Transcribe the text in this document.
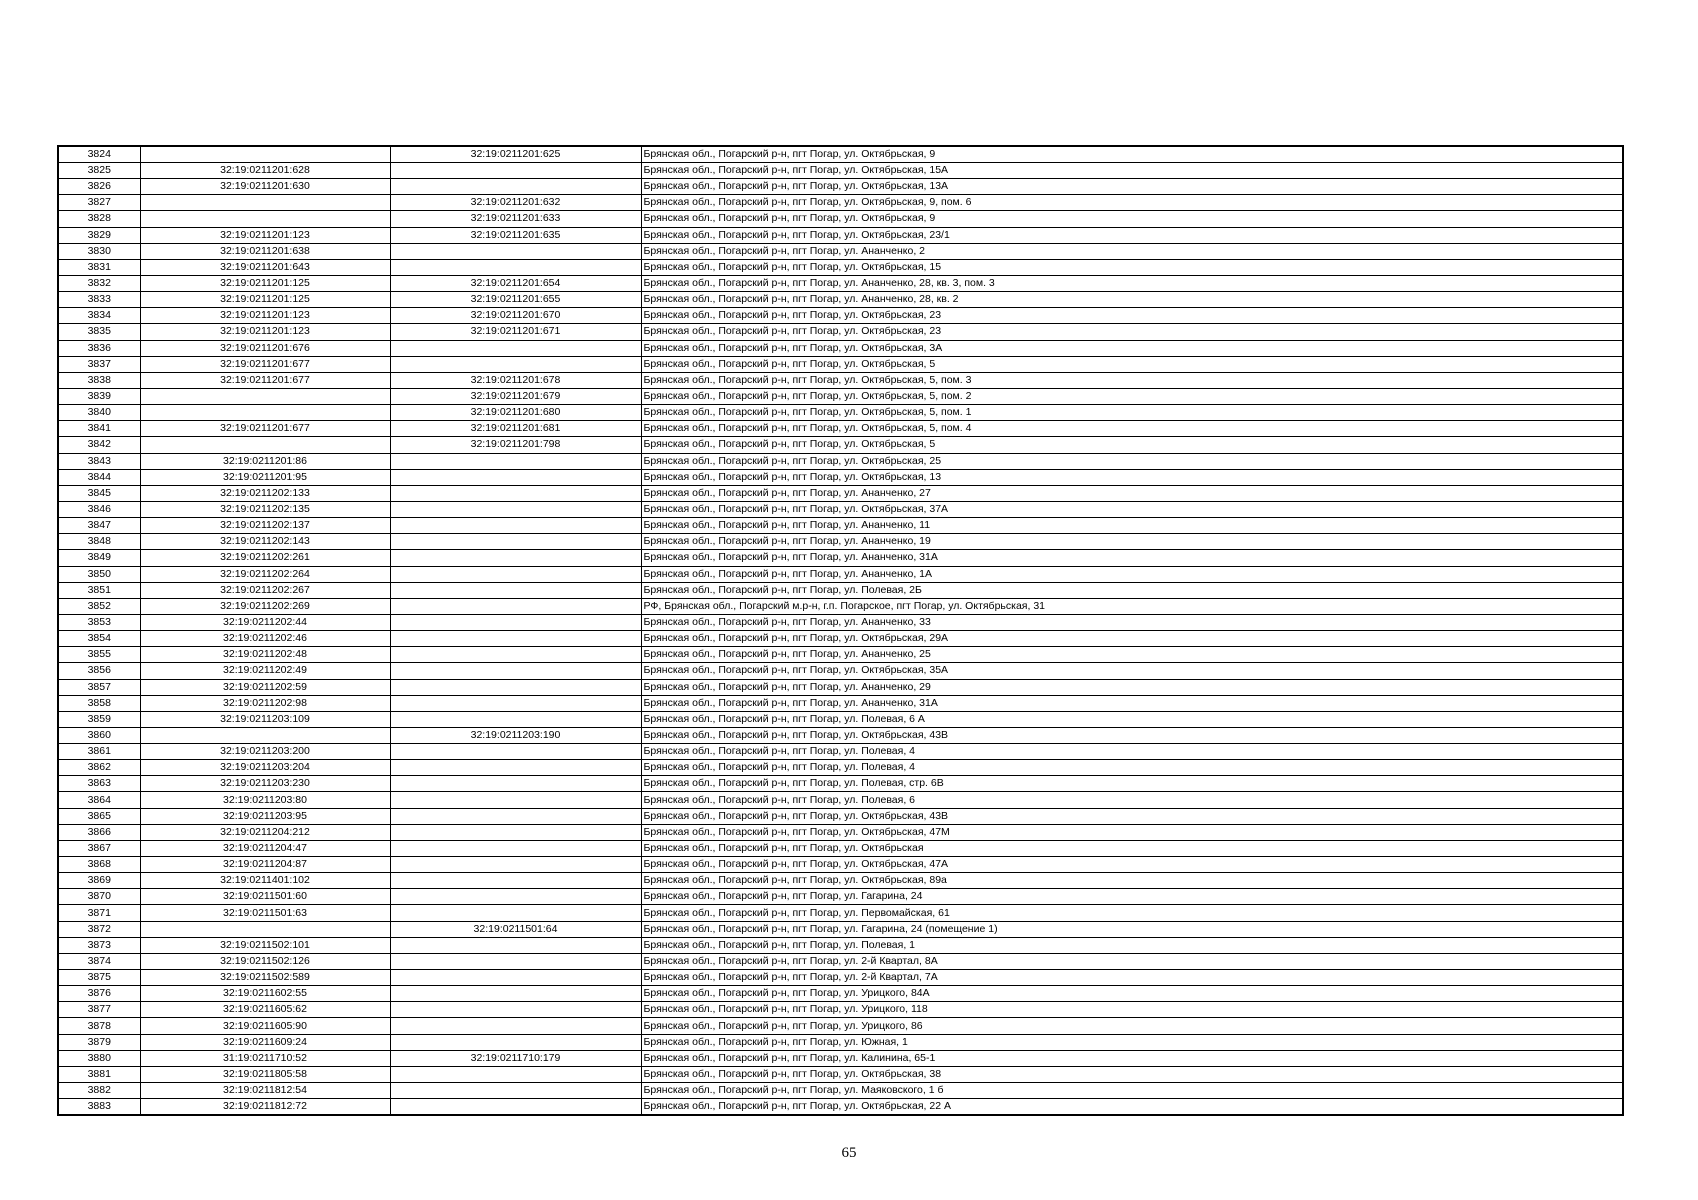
3824		32:19:0211201:625	Брянская обл., Погарский р-н, пгт Погар, ул. Октябрьская, 9
3825	32:19:0211201:628		Брянская обл., Погарский р-н, пгт Погар, ул. Октябрьская, 15А
3826	32:19:0211201:630		Брянская обл., Погарский р-н, пгт Погар, ул. Октябрьская, 13А
3827		32:19:0211201:632	Брянская обл., Погарский р-н, пгт Погар, ул. Октябрьская, 9, пом. 6
3828		32:19:0211201:633	Брянская обл., Погарский р-н, пгт Погар, ул. Октябрьская, 9
3829	32:19:0211201:123	32:19:0211201:635	Брянская обл., Погарский р-н, пгт Погар, ул. Октябрьская, 23/1
3830	32:19:0211201:638		Брянская обл., Погарский р-н, пгт Погар, ул. Ананченко, 2
3831	32:19:0211201:643		Брянская обл., Погарский р-н, пгт Погар, ул. Октябрьская, 15
3832	32:19:0211201:125	32:19:0211201:654	Брянская обл., Погарский р-н, пгт Погар, ул. Ананченко, 28, кв. 3, пом. 3
3833	32:19:0211201:125	32:19:0211201:655	Брянская обл., Погарский р-н, пгт Погар, ул. Ананченко, 28, кв. 2
3834	32:19:0211201:123	32:19:0211201:670	Брянская обл., Погарский р-н, пгт Погар, ул. Октябрьская, 23
3835	32:19:0211201:123	32:19:0211201:671	Брянская обл., Погарский р-н, пгт Погар, ул. Октябрьская, 23
3836	32:19:0211201:676		Брянская обл., Погарский р-н, пгт Погар, ул. Октябрьская, 3А
3837	32:19:0211201:677		Брянская обл., Погарский р-н, пгт Погар, ул. Октябрьская, 5
3838	32:19:0211201:677	32:19:0211201:678	Брянская обл., Погарский р-н, пгт Погар, ул. Октябрьская, 5, пом. 3
3839		32:19:0211201:679	Брянская обл., Погарский р-н, пгт Погар, ул. Октябрьская, 5, пом. 2
3840		32:19:0211201:680	Брянская обл., Погарский р-н, пгт Погар, ул. Октябрьская, 5, пом. 1
3841	32:19:0211201:677	32:19:0211201:681	Брянская обл., Погарский р-н, пгт Погар, ул. Октябрьская, 5, пом. 4
3842		32:19:0211201:798	Брянская обл., Погарский р-н, пгт Погар, ул. Октябрьская, 5
3843	32:19:0211201:86		Брянская обл., Погарский р-н, пгт Погар, ул. Октябрьская, 25
3844	32:19:0211201:95		Брянская обл., Погарский р-н, пгт Погар, ул. Октябрьская, 13
3845	32:19:0211202:133		Брянская обл., Погарский р-н, пгт Погар, ул. Ананченко, 27
3846	32:19:0211202:135		Брянская обл., Погарский р-н, пгт Погар, ул. Октябрьская, 37А
3847	32:19:0211202:137		Брянская обл., Погарский р-н, пгт Погар, ул. Ананченко, 11
3848	32:19:0211202:143		Брянская обл., Погарский р-н, пгт Погар, ул. Ананченко, 19
3849	32:19:0211202:261		Брянская обл., Погарский р-н, пгт Погар, ул. Ананченко, 31А
3850	32:19:0211202:264		Брянская обл., Погарский р-н, пгт Погар, ул. Ананченко, 1А
3851	32:19:0211202:267		Брянская обл., Погарский р-н, пгт Погар, ул. Полевая, 2Б
3852	32:19:0211202:269		РФ, Брянская обл., Погарский м.р-н, г.п. Погарское, пгт Погар, ул. Октябрьская, 31
3853	32:19:0211202:44		Брянская обл., Погарский р-н, пгт Погар, ул. Ананченко, 33
3854	32:19:0211202:46		Брянская обл., Погарский р-н, пгт Погар, ул. Октябрьская, 29А
3855	32:19:0211202:48		Брянская обл., Погарский р-н, пгт Погар, ул. Ананченко, 25
3856	32:19:0211202:49		Брянская обл., Погарский р-н, пгт Погар, ул. Октябрьская, 35А
3857	32:19:0211202:59		Брянская обл., Погарский р-н, пгт Погар, ул. Ананченко, 29
3858	32:19:0211202:98		Брянская обл., Погарский р-н, пгт Погар, ул. Ананченко, 31А
3859	32:19:0211203:109		Брянская обл., Погарский р-н, пгт Погар, ул. Полевая, 6 А
3860		32:19:0211203:190	Брянская обл., Погарский р-н, пгт Погар, ул. Октябрьская, 43В
3861	32:19:0211203:200		Брянская обл., Погарский р-н, пгт Погар, ул. Полевая, 4
3862	32:19:0211203:204		Брянская обл., Погарский р-н, пгт Погар, ул. Полевая, 4
3863	32:19:0211203:230		Брянская обл., Погарский р-н, пгт Погар, ул. Полевая, стр. 6В
3864	32:19:0211203:80		Брянская обл., Погарский р-н, пгт Погар, ул. Полевая, 6
3865	32:19:0211203:95		Брянская обл., Погарский р-н, пгт Погар, ул. Октябрьская, 43В
3866	32:19:0211204:212		Брянская обл., Погарский р-н, пгт Погар, ул. Октябрьская, 47М
3867	32:19:0211204:47		Брянская обл., Погарский р-н, пгт Погар, ул. Октябрьская
3868	32:19:0211204:87		Брянская обл., Погарский р-н, пгт Погар, ул. Октябрьская, 47А
3869	32:19:0211401:102		Брянская обл., Погарский р-н, пгт Погар, ул. Октябрьская, 89а
3870	32:19:0211501:60		Брянская обл., Погарский р-н, пгт Погар, ул. Гагарина, 24
3871	32:19:0211501:63		Брянская обл., Погарский р-н, пгт Погар, ул. Первомайская, 61
3872		32:19:0211501:64	Брянская обл., Погарский р-н, пгт Погар, ул. Гагарина, 24 (помещение 1)
3873	32:19:0211502:101		Брянская обл., Погарский р-н, пгт Погар, ул. Полевая, 1
3874	32:19:0211502:126		Брянская обл., Погарский р-н, пгт Погар, ул. 2-й Квартал, 8А
3875	32:19:0211502:589		Брянская обл., Погарский р-н, пгт Погар, ул. 2-й Квартал, 7А
3876	32:19:0211602:55		Брянская обл., Погарский р-н, пгт Погар, ул. Урицкого, 84А
3877	32:19:0211605:62		Брянская обл., Погарский р-н, пгт Погар, ул. Урицкого, 118
3878	32:19:0211605:90		Брянская обл., Погарский р-н, пгт Погар, ул. Урицкого, 86
3879	32:19:0211609:24		Брянская обл., Погарский р-н, пгт Погар, ул. Южная, 1
3880	31:19:0211710:52	32:19:0211710:179	Брянская обл., Погарский р-н, пгт Погар, ул. Калинина, 65-1
3881	32:19:0211805:58		Брянская обл., Погарский р-н, пгт Погар, ул. Октябрьская, 38
3882	32:19:0211812:54		Брянская обл., Погарский р-н, пгт Погар, ул. Маяковского, 1 б
3883	32:19:0211812:72		Брянская обл., Погарский р-н, пгт Погар, ул. Октябрьская, 22 А
65
